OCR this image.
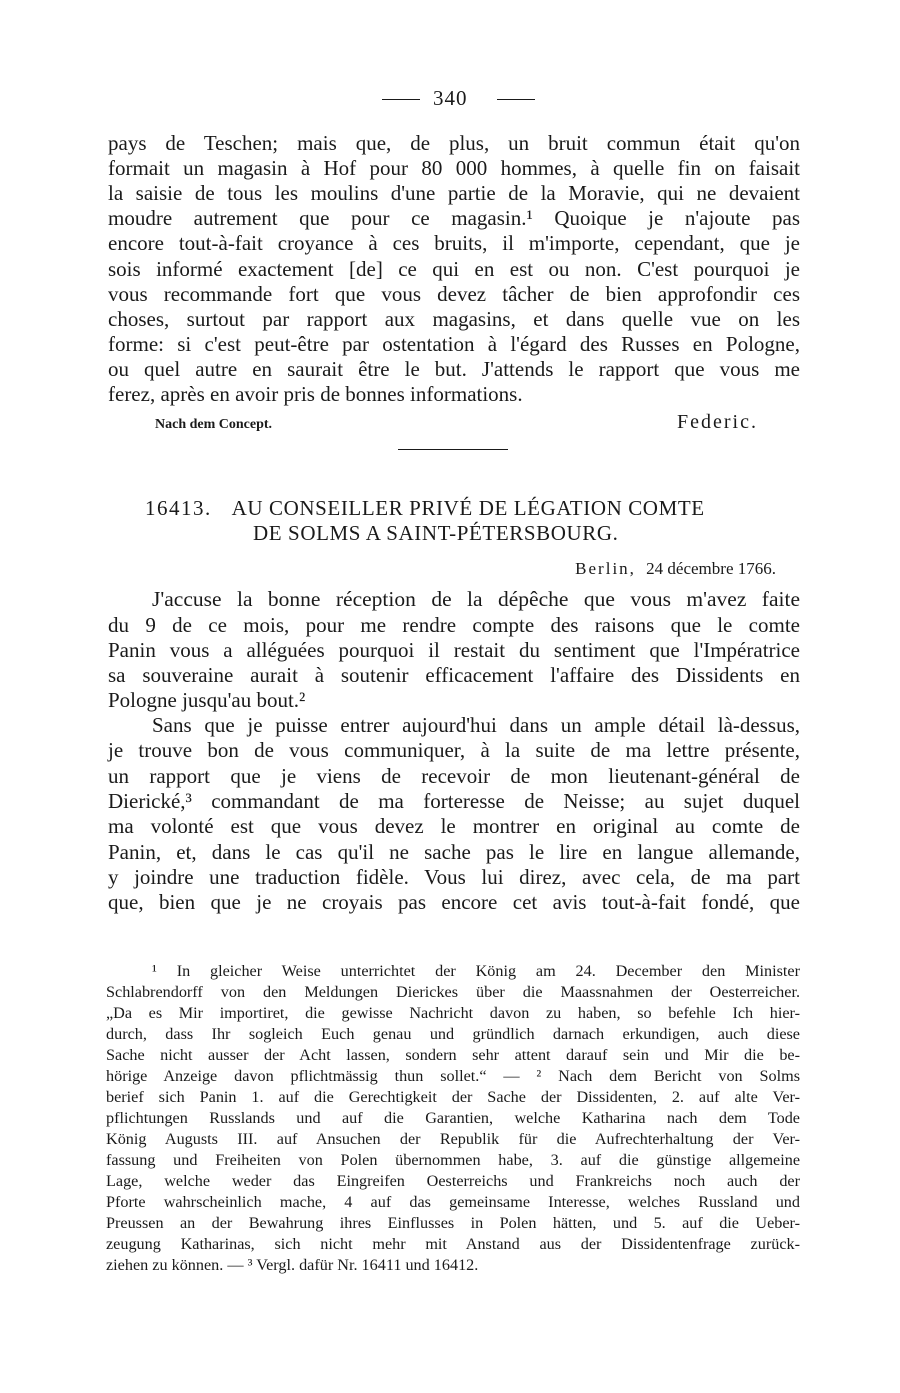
340
pays de Teschen; mais que, de plus, un bruit commun était qu'on
formait un magasin à Hof pour 80 000 hommes, à quelle fin on faisait
la saisie de tous les moulins d'une partie de la Moravie, qui ne devaient
moudre autrement que pour ce magasin.¹ Quoique je n'ajoute pas
encore tout-à-fait croyance à ces bruits, il m'importe, cependant, que je
sois informé exactement [de] ce qui en est ou non. C'est pourquoi je
vous recommande fort que vous devez tâcher de bien approfondir ces
choses, surtout par rapport aux magasins, et dans quelle vue on les
forme: si c'est peut-être par ostentation à l'égard des Russes en Pologne,
ou quel autre en saurait être le but. J'attends le rapport que vous me
ferez, après en avoir pris de bonnes informations.
Nach dem Concept.	Federic.
16413. AU CONSEILLER PRIVÉ DE LÉGATION COMTE
DE SOLMS A SAINT-PÉTERSBOURG.
Berlin, 24 décembre 1766.
J'accuse la bonne réception de la dépêche que vous m'avez faite
du 9 de ce mois, pour me rendre compte des raisons que le comte
Panin vous a alléguées pourquoi il restait du sentiment que l'Impératrice
sa souveraine aurait à soutenir efficacement l'affaire des Dissidents en
Pologne jusqu'au bout.²
Sans que je puisse entrer aujourd'hui dans un ample détail là-dessus,
je trouve bon de vous communiquer, à la suite de ma lettre présente,
un rapport que je viens de recevoir de mon lieutenant-général de
Dierické,³ commandant de ma forteresse de Neisse; au sujet duquel
ma volonté est que vous devez le montrer en original au comte de
Panin, et, dans le cas qu'il ne sache pas le lire en langue allemande,
y joindre une traduction fidèle. Vous lui direz, avec cela, de ma part
que, bien que je ne croyais pas encore cet avis tout-à-fait fondé, que
¹ In gleicher Weise unterrichtet der König am 24. December den Minister
Schlabrendorff von den Meldungen Dierickes über die Maassnahmen der Oesterreicher.
„Da es Mir importiret, die gewisse Nachricht davon zu haben, so befehle Ich hier-
durch, dass Ihr sogleich Euch genau und gründlich darnach erkundigen, auch diese
Sache nicht ausser der Acht lassen, sondern sehr attent darauf sein und Mir die be-
hörige Anzeige davon pflichtmässig thun sollet.“ — ² Nach dem Bericht von Solms
berief sich Panin 1. auf die Gerechtigkeit der Sache der Dissidenten, 2. auf alte Ver-
pflichtungen Russlands und auf die Garantien, welche Katharina nach dem Tode
König Augusts III. auf Ansuchen der Republik für die Aufrechterhaltung der Ver-
fassung und Freiheiten von Polen übernommen habe, 3. auf die günstige allgemeine
Lage, welche weder das Eingreifen Oesterreichs und Frankreichs noch auch der
Pforte wahrscheinlich mache, 4 auf das gemeinsame Interesse, welches Russland und
Preussen an der Bewahrung ihres Einflusses in Polen hätten, und 5. auf die Ueber-
zeugung Katharinas, sich nicht mehr mit Anstand aus der Dissidentenfrage zurück-
ziehen zu können. — ³ Vergl. dafür Nr. 16411 und 16412.
